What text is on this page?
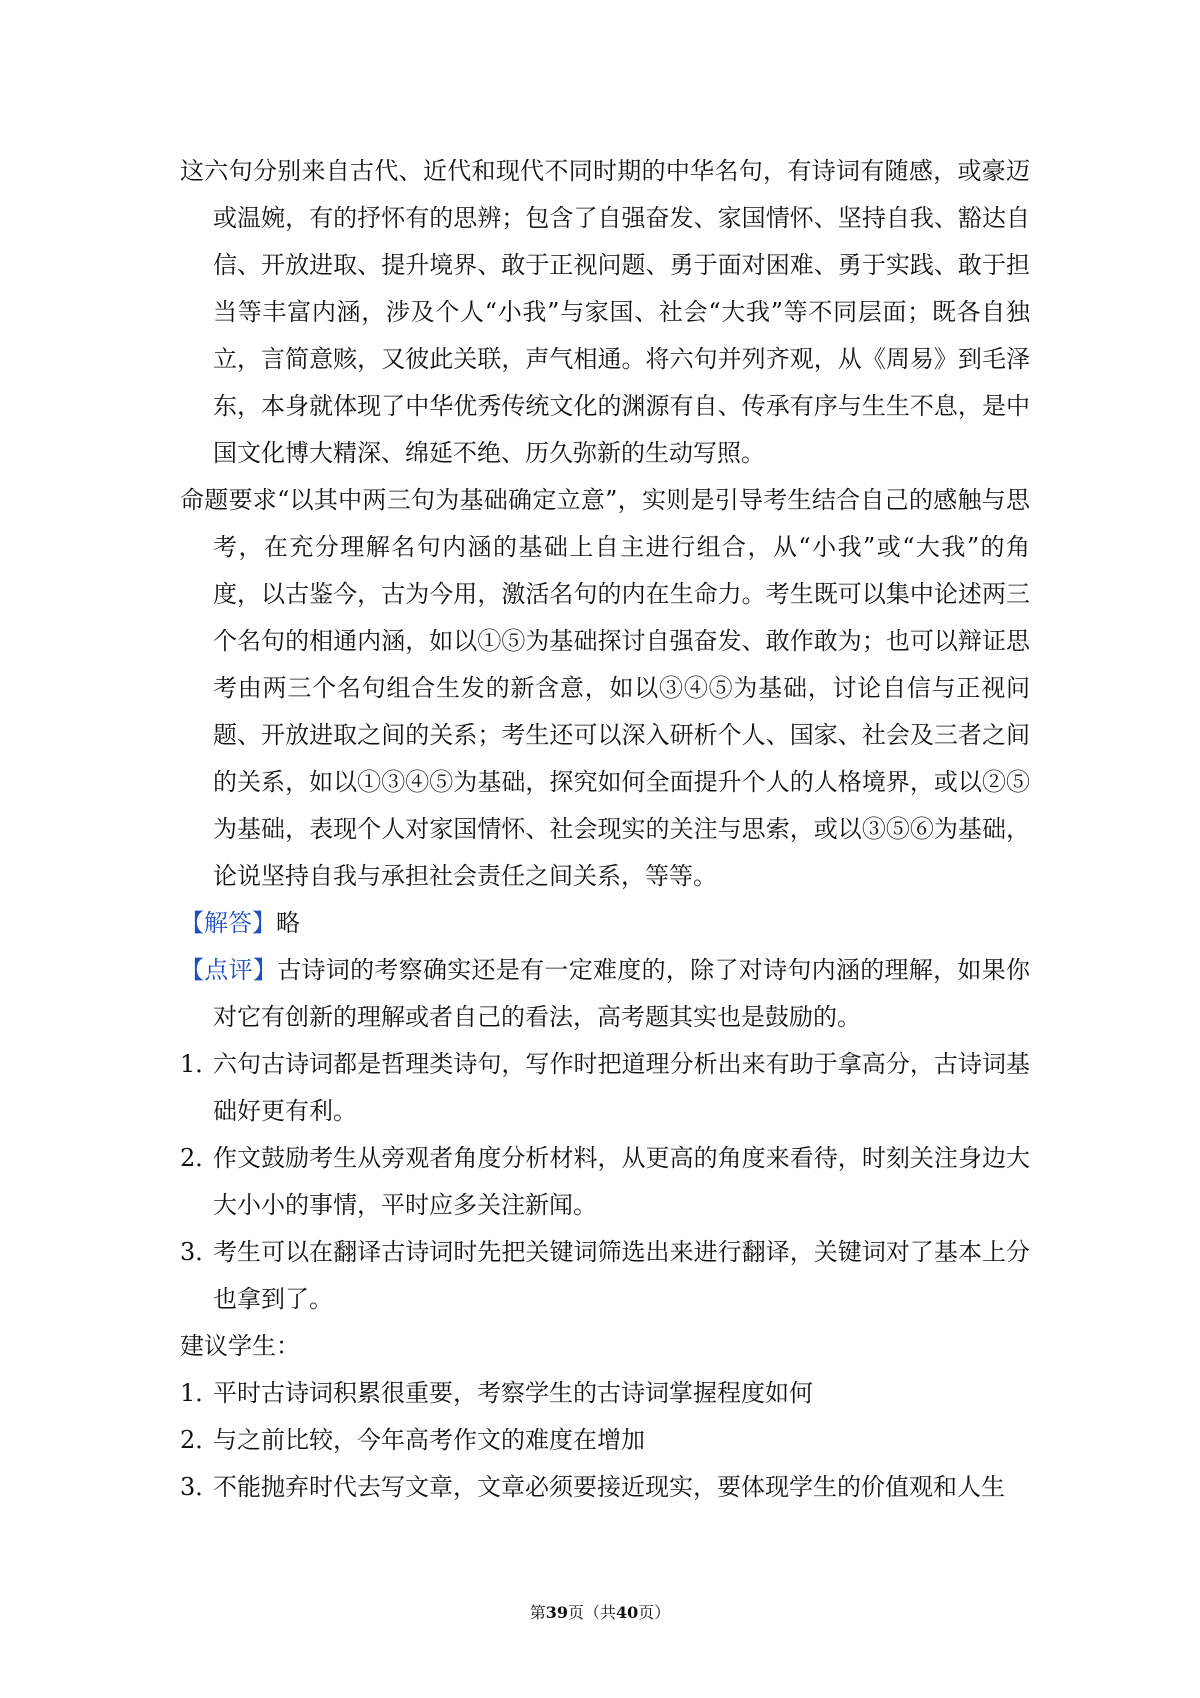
这六句分别来自古代、近代和现代不同时期的中华名句，有诗词有随感，或豪迈或温婉，有的抒怀有的思辨；包含了自强奋发、家国情怀、坚持自我、豁达自信、开放进取、提升境界、敢于正视问题、勇于面对困难、勇于实践、敢于担当等丰富内涵，涉及个人“小我”与家国、社会“大我”等不同层面；既各自独立，言简意赅，又彼此关联，声气相通。将六句并列齐观，从《周易》到毛泽东，本身就体现了中华优秀传统文化的渊源有自、传承有序与生生不息，是中国文化博大精深、绵延不绝、历久弥新的生动写照。

命题要求“以其中两三句为基础确定立意”，实则是引导考生结合自己的感触与思考，在充分理解名句内涵的基础上自主进行组合，从“小我”或“大我”的角度，以古鉴今，古为今用，激活名句的内在生命力。考生既可以集中论述两三个名句的相通内涵，如以①⑤为基础探讨自强奋发、敢作敢为；也可以辩证思考由两三个名句组合生发的新含意，如以③④⑤为基础，讨论自信与正视问题、开放进取之间的关系；考生还可以深入研析个人、国家、社会及三者之间的关系，如以①③④⑤为基础，探究如何全面提升个人的人格境界，或以②⑤为基础，表现个人对家国情怀、社会现实的关注与思索，或以③⑤⑥为基础，论说坚持自我与承担社会责任之间关系，等等。

【解答】略

【点评】古诗词的考察确实还是有一定难度的，除了对诗句内涵的理解，如果你对它有创新的理解或者自己的看法，高考题其实也是鼓励的。

1．六句古诗词都是哲理类诗句，写作时把道理分析出来有助于拿高分，古诗词基础好更有利。

2．作文鼓励考生从旁观者角度分析材料，从更高的角度来看待，时刻关注身边大大小小的事情，平时应多关注新闻。

3．考生可以在翻译古诗词时先把关键词筛选出来进行翻译，关键词对了基本上分也拿到了。

建议学生：

1．平时古诗词积累很重要，考察学生的古诗词掌握程度如何

2．与之前比较，今年高考作文的难度在增加

3．不能抛弃时代去写文章，文章必须要接近现实，要体现学生的价值观和人生

第39页（共40页）
